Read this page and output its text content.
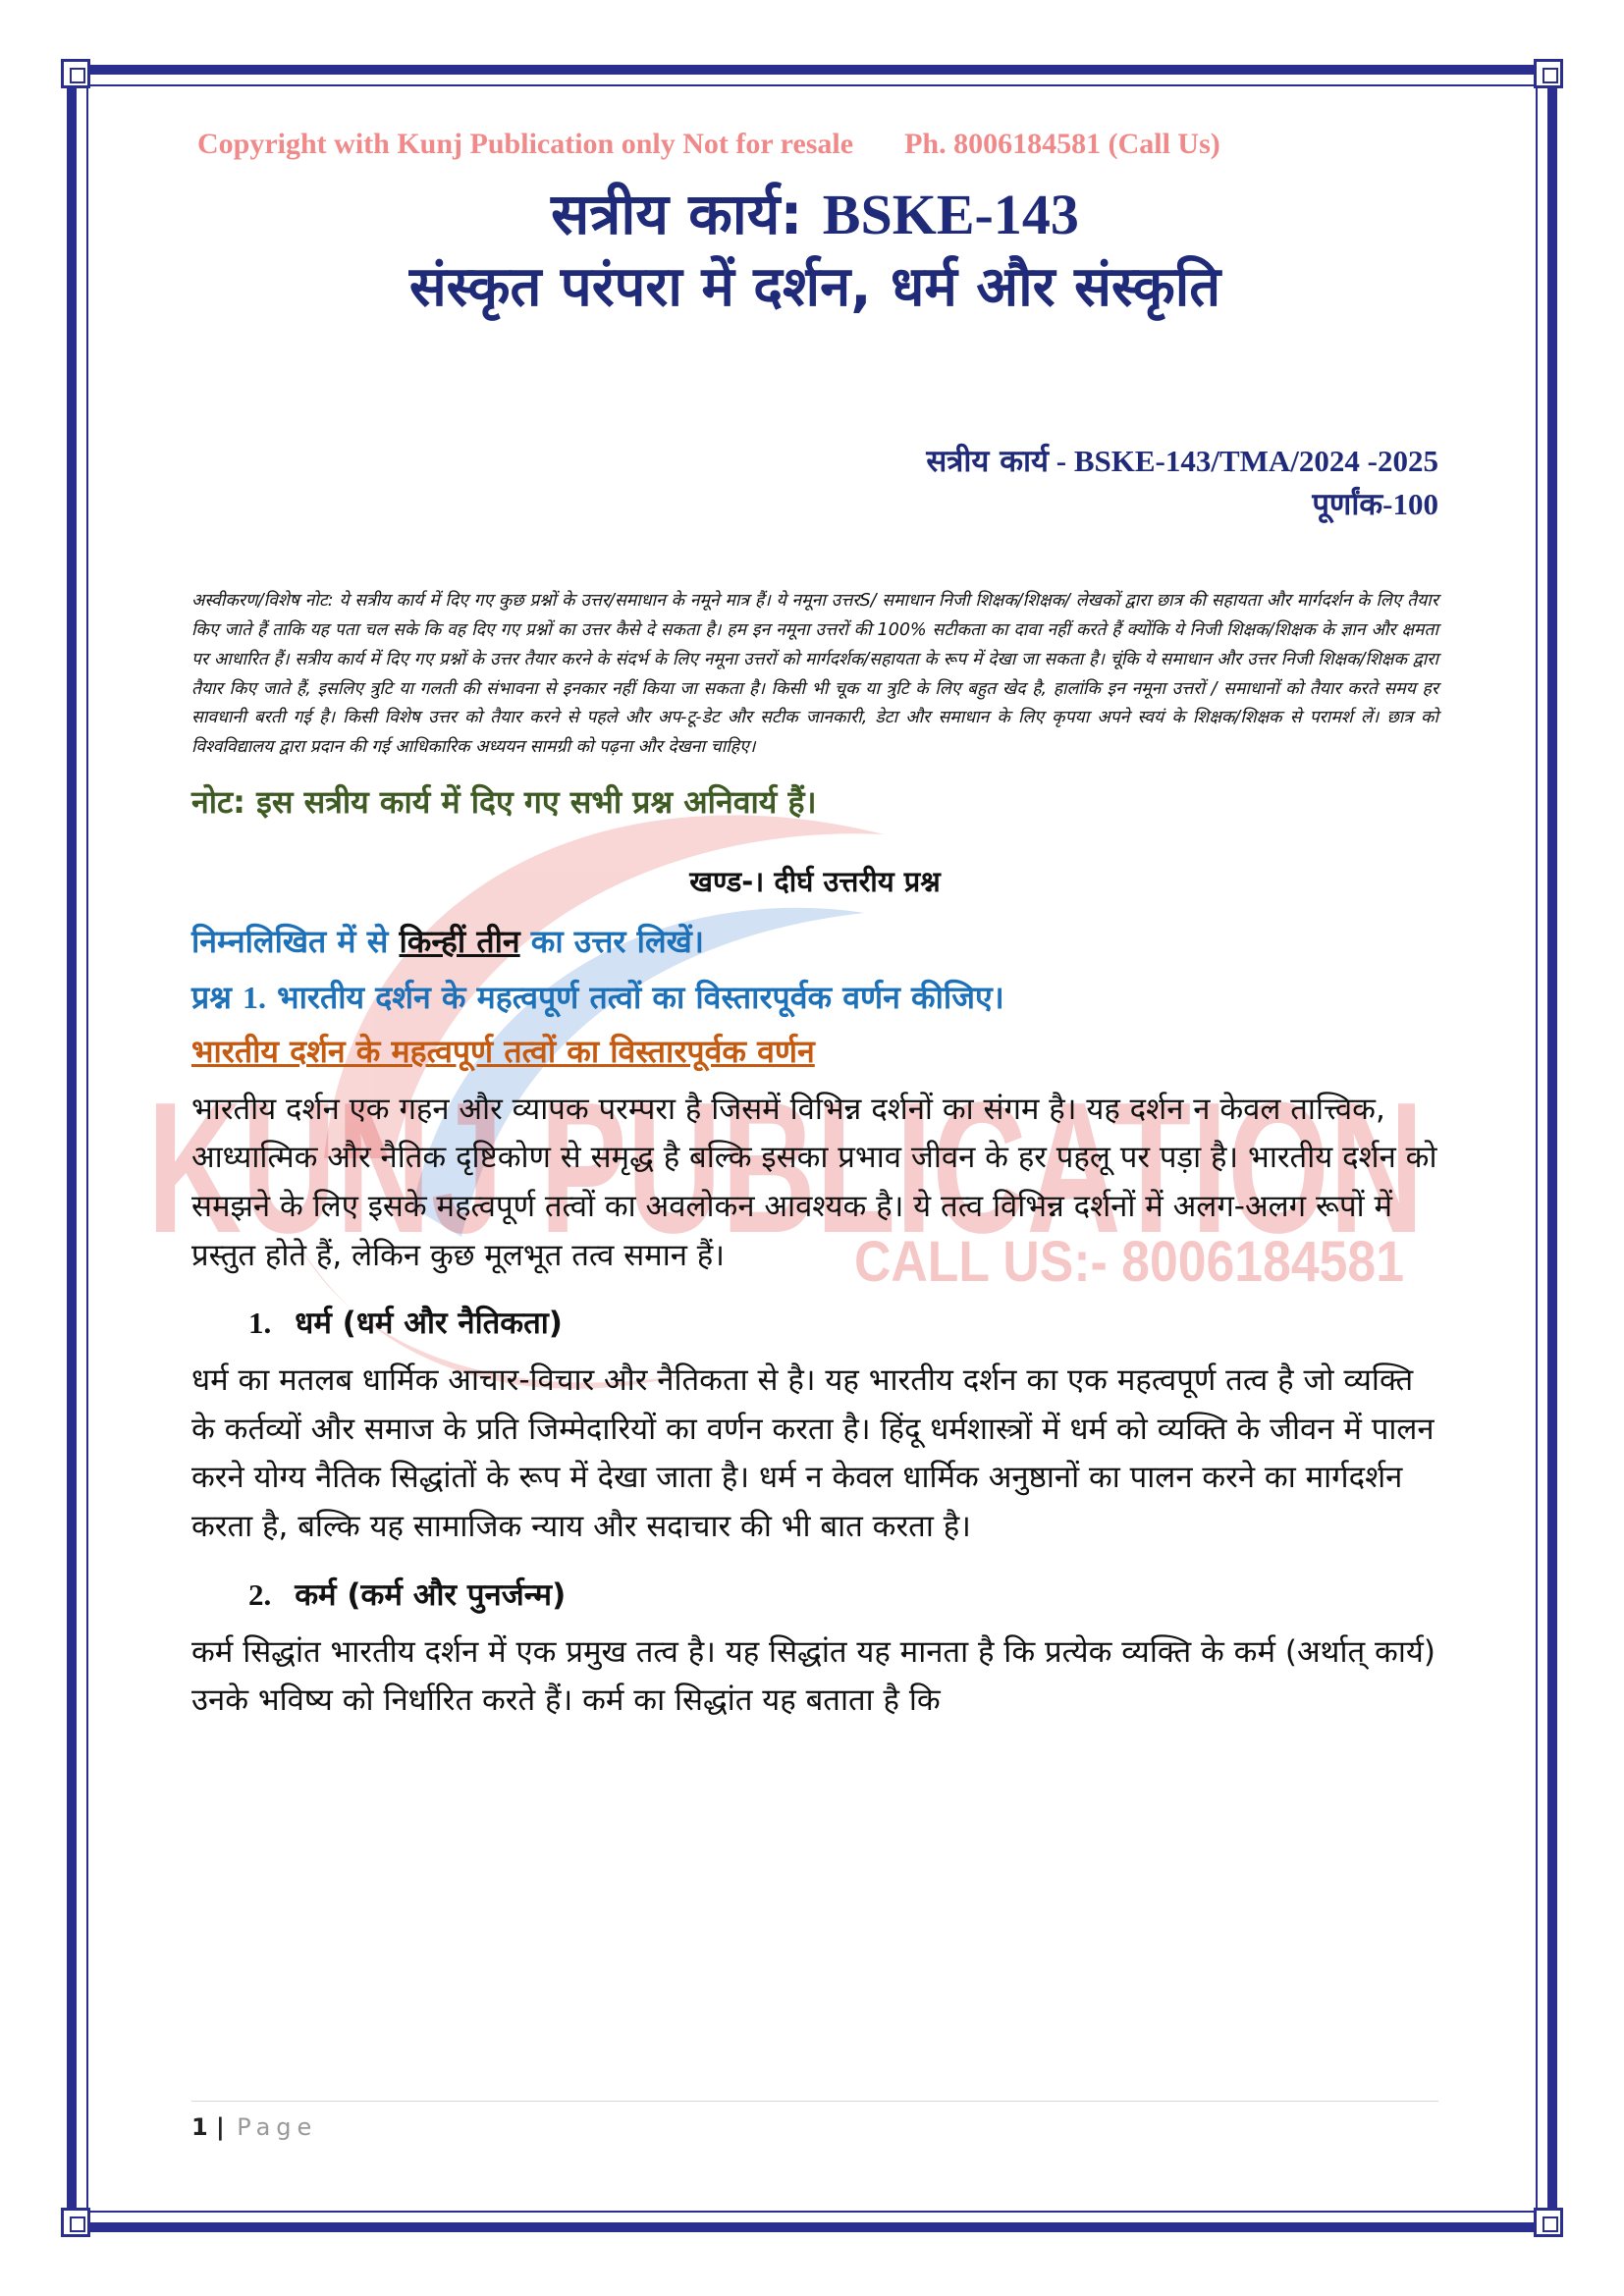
KUNJ PUBLICATION
CALL US:- 8006184581
Copyright with Kunj Publication only Not for resale Ph. 8006184581 (Call Us)
सत्रीय कार्य: BSKE-143
संस्कृत परंपरा में दर्शन, धर्म और संस्कृति
सत्रीय कार्य - BSKE-143/TMA/2024 -2025
पूर्णांक-100
अस्वीकरण/विशेष नोट: ये सत्रीय कार्य में दिए गए कुछ प्रश्नों के उत्तर/समाधान के नमूने मात्र हैं। ये नमूना उत्तरS/ समाधान निजी शिक्षक/शिक्षक/ लेखकों द्वारा छात्र की सहायता और मार्गदर्शन के लिए तैयार किए जाते हैं ताकि यह पता चल सके कि वह दिए गए प्रश्नों का उत्तर कैसे दे सकता है। हम इन नमूना उत्तरों की 100% सटीकता का दावा नहीं करते हैं क्योंकि ये निजी शिक्षक/शिक्षक के ज्ञान और क्षमता पर आधारित हैं। सत्रीय कार्य में दिए गए प्रश्नों के उत्तर तैयार करने के संदर्भ के लिए नमूना उत्तरों को मार्गदर्शक/सहायता के रूप में देखा जा सकता है। चूंकि ये समाधान और उत्तर निजी शिक्षक/शिक्षक द्वारा तैयार किए जाते हैं, इसलिए त्रुटि या गलती की संभावना से इनकार नहीं किया जा सकता है। किसी भी चूक या त्रुटि के लिए बहुत खेद है, हालांकि इन नमूना उत्तरों / समाधानों को तैयार करते समय हर सावधानी बरती गई है। किसी विशेष उत्तर को तैयार करने से पहले और अप-टू-डेट और सटीक जानकारी, डेटा और समाधान के लिए कृपया अपने स्वयं के शिक्षक/शिक्षक से परामर्श लें। छात्र को विश्वविद्यालय द्वारा प्रदान की गई आधिकारिक अध्ययन सामग्री को पढ़ना और देखना चाहिए।
नोट: इस सत्रीय कार्य में दिए गए सभी प्रश्न अनिवार्य हैं।
खण्ड-। दीर्घ उत्तरीय प्रश्न
निम्नलिखित में से किन्हीं तीन का उत्तर लिखें।
प्रश्न 1. भारतीय दर्शन के महत्वपूर्ण तत्वों का विस्तारपूर्वक वर्णन कीजिए।
भारतीय दर्शन के महत्वपूर्ण तत्वों का विस्तारपूर्वक वर्णन
भारतीय दर्शन एक गहन और व्यापक परम्परा है जिसमें विभिन्न दर्शनों का संगम है। यह दर्शन न केवल तात्त्विक, आध्यात्मिक और नैतिक दृष्टिकोण से समृद्ध है बल्कि इसका प्रभाव जीवन के हर पहलू पर पड़ा है। भारतीय दर्शन को समझने के लिए इसके महत्वपूर्ण तत्वों का अवलोकन आवश्यक है। ये तत्व विभिन्न दर्शनों में अलग-अलग रूपों में प्रस्तुत होते हैं, लेकिन कुछ मूलभूत तत्व समान हैं।
1. धर्म (धर्म और नैतिकता)
धर्म का मतलब धार्मिक आचार-विचार और नैतिकता से है। यह भारतीय दर्शन का एक महत्वपूर्ण तत्व है जो व्यक्ति के कर्तव्यों और समाज के प्रति जिम्मेदारियों का वर्णन करता है। हिंदू धर्मशास्त्रों में धर्म को व्यक्ति के जीवन में पालन करने योग्य नैतिक सिद्धांतों के रूप में देखा जाता है। धर्म न केवल धार्मिक अनुष्ठानों का पालन करने का मार्गदर्शन करता है, बल्कि यह सामाजिक न्याय और सदाचार की भी बात करता है।
2. कर्म (कर्म और पुनर्जन्म)
कर्म सिद्धांत भारतीय दर्शन में एक प्रमुख तत्व है। यह सिद्धांत यह मानता है कि प्रत्येक व्यक्ति के कर्म (अर्थात् कार्य) उनके भविष्य को निर्धारित करते हैं। कर्म का सिद्धांत यह बताता है कि
1 | Page
